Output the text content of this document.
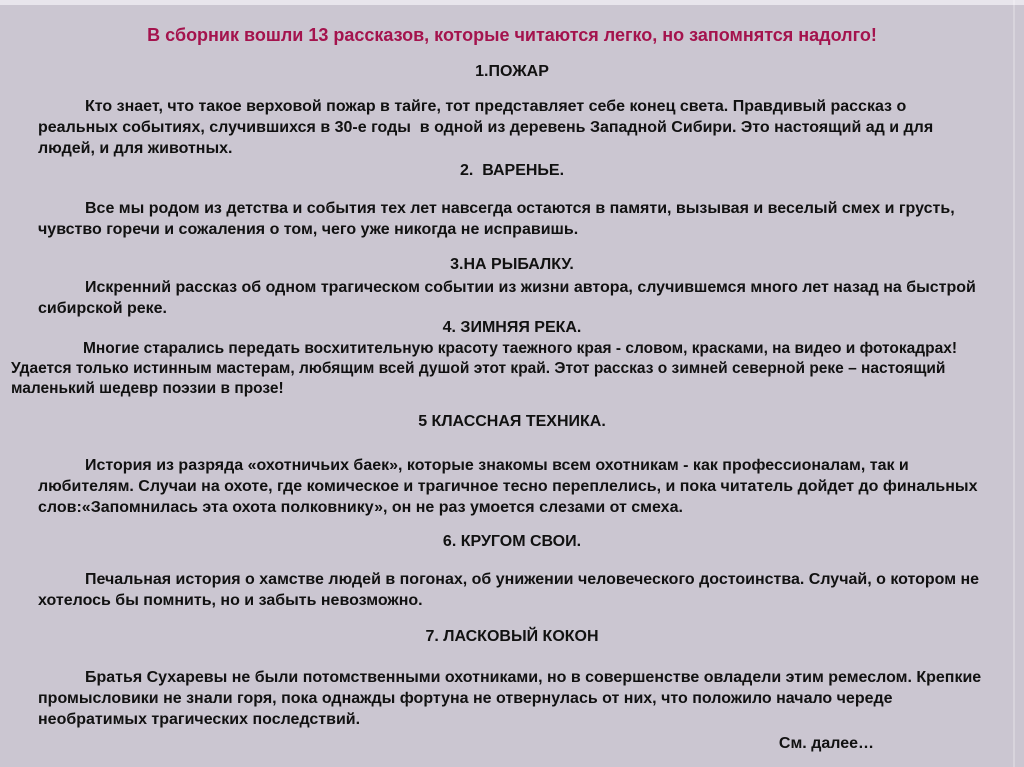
В сборник вошли 13 рассказов, которые читаются легко, но запомнятся надолго!
1.ПОЖАР

Кто знает, что такое верховой пожар в тайге, тот представляет себе конец света. Правдивый рассказ о реальных событиях, случившихся в 30-е годы  в одной из деревень Западной Сибири. Это настоящий ад и для людей, и для животных.

2.  ВАРЕНЬЕ.

Все мы родом из детства и события тех лет навсегда остаются в памяти, вызывая и веселый смех и грусть, чувство горечи и сожаления о том, чего уже никогда не исправишь.

3.НА РЫБАЛКУ.

Искренний рассказ об одном трагическом событии из жизни автора, случившемся много лет назад на быстрой сибирской реке.

4. ЗИМНЯЯ РЕКА.

Многие старались передать восхитительную красоту таежного края - словом, красками, на видео и фотокадрах! Удается только истинным мастерам, любящим всей душой этот край. Этот рассказ о зимней северной реке – настоящий маленький шедевр поэзии в прозе!

5 КЛАССНАЯ ТЕХНИКА.

История из разряда «охотничьих баек», которые знакомы всем охотникам - как профессионалам, так и любителям. Случаи на охоте, где комическое и трагичное тесно переплелись, и пока читатель дойдет до финальных слов:«Запомнилась эта охота полковнику», он не раз умоется слезами от смеха.

6. КРУГОМ СВОИ.

Печальная история о хамстве людей в погонах, об унижении человеческого достоинства. Случай, о котором не хотелось бы помнить, но и забыть невозможно.

7. ЛАСКОВЫЙ КОКОН

Братья Сухаревы не были потомственными охотниками, но в совершенстве овладели этим ремеслом. Крепкие промысловики не знали горя, пока однажды фортуна не отвернулась от них, что положило начало череде необратимых трагических последствий.

См. далее…
